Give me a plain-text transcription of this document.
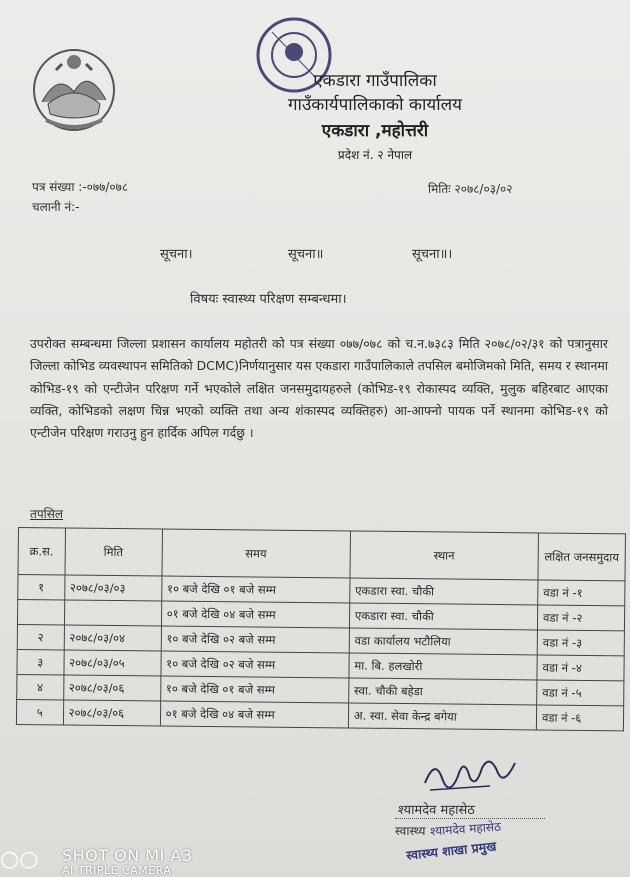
एकडारा गाउँपालिका
गाउँकार्यपालिकाको कार्यालय
एकडारा ,महोत्तरी
प्रदेश नं. २ नेपाल
पत्र संख्या :-०७७/०७८
चलानी नं:-
मितिः २०७८/०३/०२
सूचना।	सूचना॥	सूचना॥।
विषयः स्वास्थ्य परिक्षण सम्बन्धमा।
उपरोक्त सम्बन्धमा जिल्ला प्रशासन कार्यालय महोतरी को पत्र संख्या ०७७/०७८ को च.न.७३८३ मिति २०७८/०२/३१ को पत्रानुसार जिल्ला कोभिड व्यवस्थापन समितिको DCMC)निर्णयानुसार यस एकडारा गाउँपालिकाले तपसिल बमोजिमको मिति, समय र स्थानमा कोभिड-१९ को एन्टीजेन परिक्षण गर्ने भएकोले लक्षित जनसमुदायहरुले (कोभिड-१९ रोकास्पद व्यक्ति, मुलुक बहिरबाट आएका व्यक्ति, कोभिडको लक्षण चिन्न भएको व्यक्ति तथा अन्य शंकास्पद व्यक्तिहरु) आ-आफ्नो पायक पर्ने स्थानमा कोभिड-१९ को एन्टीजेन परिक्षण गराउनु हुन हार्दिक अपिल गर्दछु ।
तपसिल
क्र.स.	मिति	समय	स्थान	लक्षित जनसमुदाय
१	२०७८/०३/०३	१० बजे देखि ०१ बजे सम्म	एकडारा स्वा. चौकी	वडा नं -१
		०१ बजे देखि ०४ बजे सम्म	एकडारा स्वा. चौकी	वडा नं -२
२	२०७८/०३/०४	१० बजे देखि ०२ बजे सम्म	वडा कार्यालय भटौलिया	वडा नं -३
३	२०७८/०३/०५	१० बजे देखि ०२ बजे सम्म	मा. बि. हलखोरी	वडा नं -४
४	२०७८/०३/०६	१० बजे देखि ०१ बजे सम्म	स्वा. चौकी बहेडा	वडा नं -५
५	२०७८/०३/०६	०१ बजे देखि ०४ बजे सम्म	अ. स्वा. सेवा केन्द्र बगेया	वडा नं -६
श्यामदेव महासेठ
स्वास्थ्य श्यामदेव महासेठ
स्वास्थ्य शाखा प्रमुख
○○ SHOT ON MI A3
AI TRIPLE CAMERA
